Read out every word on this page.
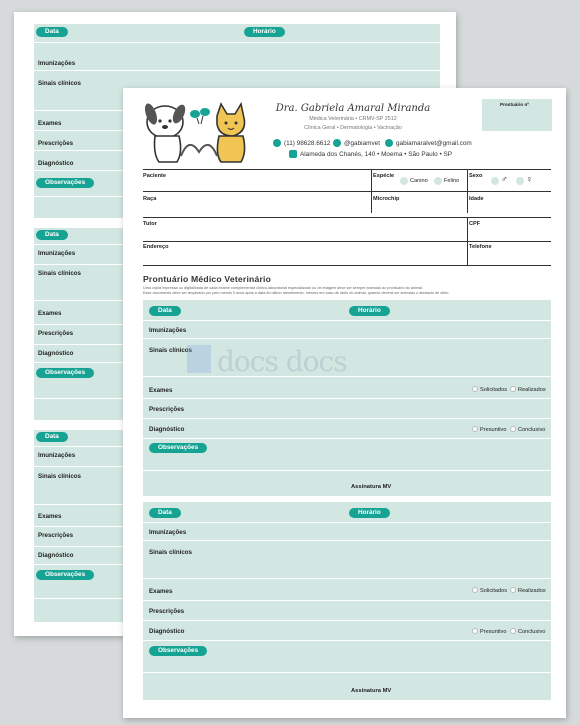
Data	Horário
Imunizações
Sinais clínicos
Exames
Prescrições
Diagnóstico
Observações
Data
Imunizações
Sinais clínicos
Exames
Prescrições
Diagnóstico
Observações
Data
Imunizações
Sinais clínicos
Exames
Prescrições
Diagnóstico
Observações
Dra. Gabriela Amaral Miranda
Médica Veterinária • CRMV-SP 2512
Clínica Geral • Dermatologia • Vacinação
(11) 98628.6612 @gabiamvet	gabiamaralvet@gmail.com
Alameda dos Chanés, 140 • Moema • São Paulo • SP
Prontuário nº
Paciente	Espécie
Canino	Felino
Sexo ♂ ♀
Raça	Microchip	Idade
Tutor	CPF
Endereço	Telefone
Prontuário Médico Veterinário
Uma cópia impressa ou digitalizada de cada exame complementar clínico-laboratorial especializado ou de imagem deve ser sempre anexado ao prontuário do animal.
Esse documento deve ser arquivado por pelo menos 5 anos após a data do último atendimento, mesmo em caso de óbito do animal, quando deverá ser anexado o atestado de óbito.
Data	Horário
Imunizações
Sinais clínicos
Exames	Solicitados Realizados
Prescrições
Diagnóstico	Presuntivo Conclusivo
Observações
Assinatura MV
Data	Horário
Imunizações
Sinais clínicos
Exames	Solicitados Realizados
Prescrições
Diagnóstico	Presuntivo Conclusivo
Observações
Assinatura MV
docs docs
